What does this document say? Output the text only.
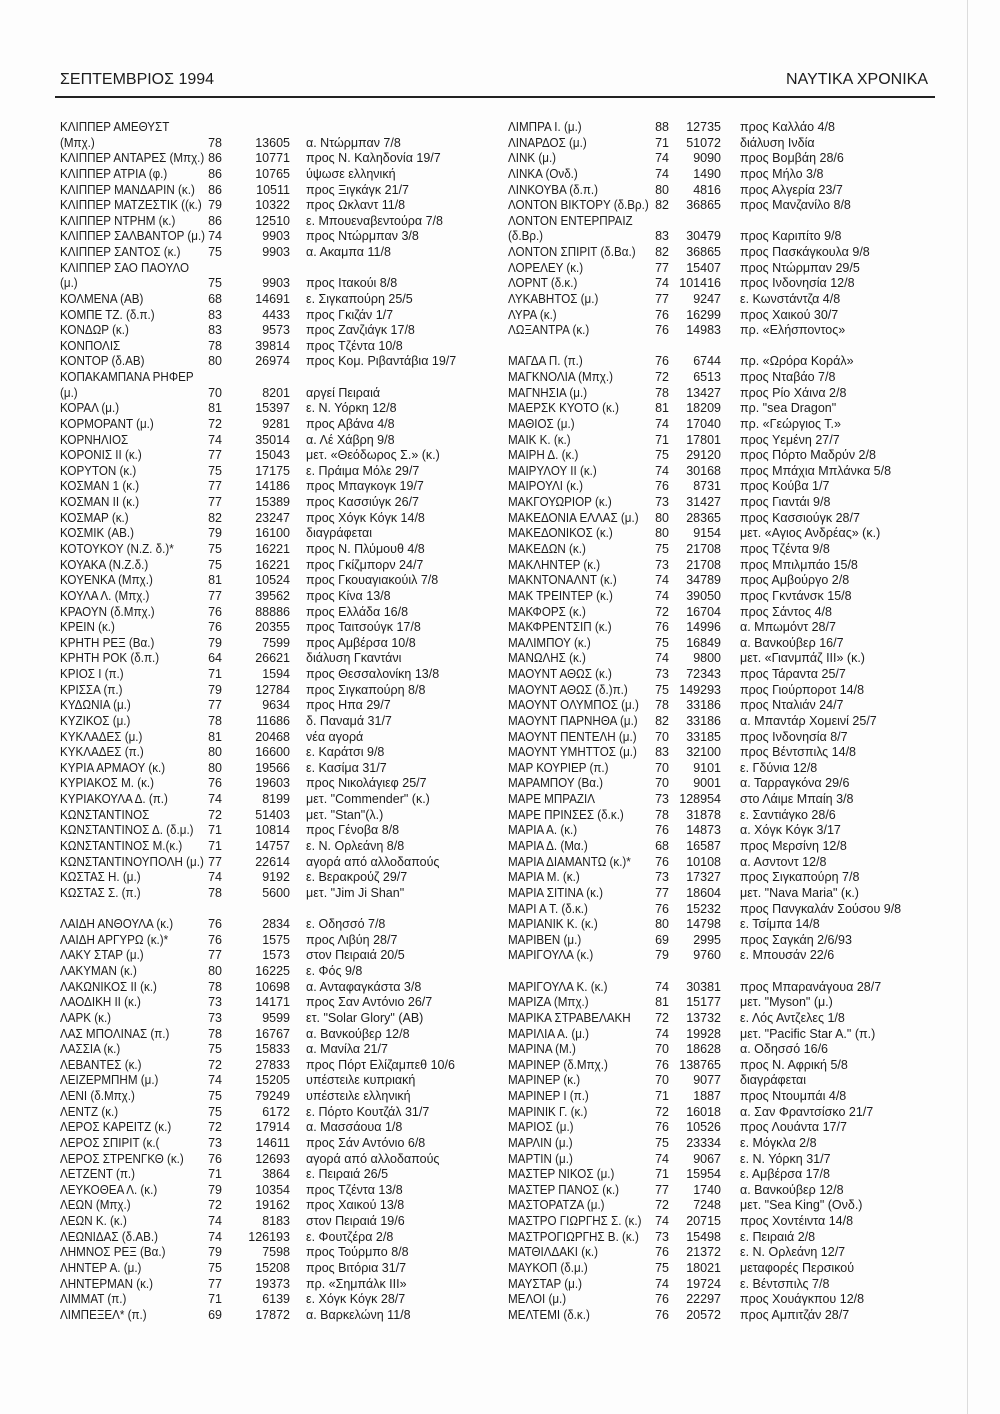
ΣΕΠΤΕΜΒΡΙΟΣ 1994	ΝΑΥΤΙΚΑ ΧΡΟΝΙΚΑ
ΚΛΙΠΠΕΡ ΑΜΕΘΥΣΤ
(Μπχ.)	78	13605 α. Ντώρμπαν 7/8
ΚΛΙΠΠΕΡ ΑΝΤΑΡΕΣ (Μπχ.) 86	10771 προς Ν. Καληδονία 19/7
ΚΛΙΠΠΕΡ ΑΤΡΙΑ (φ.)	86	10765 ύψωσε ελληνική
ΚΛΙΠΠΕΡ ΜΑΝΔΑΡΙΝ (κ.)	86	10511 προς Ξιγκάγκ 21/7
ΚΛΙΠΠΕΡ ΜΑΤΖΕΣΤΙΚ ((κ.) 79	10322 προς Ωκλαντ 11/8
ΚΛΙΠΠΕΡ ΝΤΡΗΜ (κ.)	86	12510 ε. Μπουεναβεντούρα 7/8
ΚΛΙΠΠΕΡ ΣΑΛΒΑΝΤΟΡ (μ.) 74	9903 προς Ντώρμπαν 3/8
ΚΛΙΠΠΕΡ ΣΑΝΤΟΣ (κ.)	75	9903 α. Ακαμπα 11/8
ΚΛΙΠΠΕΡ ΣΑΟ ΠΑΟΥΛΟ
(μ.)	75	9903 προς Ιτακούι 8/8
ΚΟΛΜΕΝΑ (ΑΒ)	68	14691 ε. Σιγκαπούρη 25/5
ΚΟΜΠΕ ΤΖ. (δ.π.)	83	4433 προς Γκιζάν 1/7
ΚΟΝΔΩΡ (κ.)	83	9573 προς Ζανζιάγκ 17/8
ΚΟΝΠΟΛΙΣ	78	39814 προς Τζέντα 10/8
ΚΟΝΤΟΡ (δ.ΑΒ)	80	26974 προς Κομ. Ριβαντάβια 19/7
ΚΟΠΑΚΑΜΠΑΝΑ ΡΗΦΕΡ
(μ.)	70	8201 αργεί Πειραιά
ΚΟΡΑΛ (μ.)	81	15397 ε. Ν. Υόρκη 12/8
ΚΟΡΜΟΡΑΝΤ (μ.)	72	9281 προς Αβάνα 4/8
ΚΟΡΝΗΛΙΟΣ	74	35014 α. Λέ Χάβρη 9/8
ΚΟΡΟΝΙΣ ΙΙ (κ.)	77	15043 μετ. «Θεόδωρος Σ.» (κ.)
ΚΟΡΥΤΟΝ (κ.)	75	17175 ε. Πράιμα Μόλε 29/7
ΚΟΣΜΑΝ 1 (κ.)	77	14186 προς Μπαγκογκ 19/7
ΚΟΣΜΑΝ ΙΙ (κ.)	77	15389 προς Κασσιύγκ 26/7
ΚΟΣΜΑΡ (κ.)	82	23247 προς Χόγκ Κόγκ 14/8
ΚΟΣΜΙΚ (ΑΒ.)	79	16100 διαγράφεται
ΚΟΤΟΥΚΟΥ (Ν.Ζ. δ.)*	75	16221 προς Ν. Πλύμουθ 4/8
ΚΟΥΑΚΑ (Ν.Ζ.δ.)	75	16221 προς Γκίζμπορν 24/7
ΚΟΥΕΝΚΑ (Μπχ.)	81	10524 προς Γκουαγιακούιλ 7/8
ΚΟΥΛΑ Λ. (Μπχ.)	77	39562 προς Κίνα 13/8
ΚΡΑΟΥΝ (δ.Μπχ.)	76	88886 προς Ελλάδα 16/8
ΚΡΕΙΝ (κ.)	76	20355 προς Ταιτσούγκ 17/8
ΚΡΗΤΗ ΡΕΞ (Βα.)	79	7599 προς Αμβέρσα 10/8
ΚΡΗΤΗ ΡΟΚ (δ.π.)	64	26621 διάλυση Γκαντάνι
ΚΡΙΟΣ Ι (π.)	71	1594 προς Θεσσαλονίκη 13/8
ΚΡΙΣΣΑ (π.)	79	12784 προς Σιγκαπούρη 8/8
ΚΥΔΩΝΙΑ (μ.)	77	9634 προς Ηπα 29/7
ΚΥΖΙΚΟΣ (μ.)	78	11686 δ. Παναμά 31/7
ΚΥΚΛΑΔΕΣ (μ.)	81	20468 νέα αγορά
ΚΥΚΛΑΔΕΣ (π.)	80	16600 ε. Καράτσι 9/8
ΚΥΡΙΑ ΑΡΜΑΟΥ (κ.)	80	19566 ε. Κασίμα 31/7
ΚΥΡΙΑΚΟΣ Μ. (κ.)	76	19603 προς Νικολάγιεφ 25/7
ΚΥΡΙΑΚΟΥΛΑ Δ. (π.)	74	8199 μετ. "Commender" (κ.)
ΚΩΝΣΤΑΝΤΙΝΟΣ	72	51403 μετ. "Stan"(λ.)
ΚΩΝΣΤΑΝΤΙΝΟΣ Δ. (δ.μ.)	71	10814 προς Γένοβα 8/8
ΚΩΝΣΤΑΝΤΙΝΟΣ Μ.(κ.)	71	14757 ε. Ν. Ορλεάνη 8/8
ΚΩΝΣΤΑΝΤΙΝΟΥΠΟΛΗ (μ.) 77	22614 αγορά από αλλοδαπούς
ΚΩΣΤΑΣ Η. (μ.)	74	9192 ε. Βερακρούζ 29/7
ΚΩΣΤΑΣ Σ. (π.)	78	5600 μετ. "Jim Ji Shan"
ΛΑΙΔΗ ΑΝΘΟΥΛΑ (κ.)	76	2834 ε. Οδησσό 7/8
ΛΑΙΔΗ ΑΡΓΥΡΩ (κ.)*	76	1575 προς Λιβύη 28/7
ΛΑΚΥ ΣΤΑΡ (μ.)	77	1573 στον Πειραιά 20/5
ΛΑΚΥΜΑΝ (κ.)	80	16225 ε. Φός 9/8
ΛΑΚΩΝΙΚΟΣ ΙΙ (κ.)	78	10698 α. Ανταφαγκάστα 3/8
ΛΑΟΔΙΚΗ ΙΙ (κ.)	73	14171 προς Σαν Αντόνιο 26/7
ΛΑΡΚ (κ.)	73	9599 ετ. "Solar Glory" (ΑΒ)
ΛΑΣ ΜΠΟΛΙΝΑΣ (π.)	78	16767 α. Βανκούβερ 12/8
ΛΑΣΣΙΑ (κ.)	75	15833 α. Μανίλα 21/7
ΛΕΒΑΝΤΕΣ (κ.)	72	27833 προς Πόρτ Ελίζαμπεθ 10/6
ΛΕΙΖΕΡΜΠΗΜ (μ.)	74	15205 υπέστειλε κυπριακή
ΛΕΝΙ (δ.Μπχ.)	75	79249 υπέστειλε ελληνική
ΛΕΝΤΖ (κ.)	75	6172 ε. Πόρτο Κουτζάλ 31/7
ΛΕΡΟΣ ΚΑΡΕΙΤΖ (κ.)	72	17914 α. Μασσάουα 1/8
ΛΕΡΟΣ ΣΠΙΡΙΤ (κ.(	73	14611 προς Σάν Αντόνιο 6/8
ΛΕΡΟΣ ΣΤΡΕΝΓΚΘ (κ.)	76	12693 αγορά από αλλοδαπούς
ΛΕΤΖΕΝΤ (π.)	71	3864 ε. Πειραιά 26/5
ΛΕΥΚΟΘΕΑ Λ. (κ.)	79	10354 προς Τζέντα 13/8
ΛΕΩΝ (Μπχ.)	72	19162 προς Χαικού 13/8
ΛΕΩΝ Κ. (κ.)	74	8183 στον Πειραιά 19/6
ΛΕΩΝΙΔΑΣ (δ.ΑΒ.)	74	126193 ε. Φουτζέρα 2/8
ΛΗΜΝΟΣ ΡΕΞ (Βα.)	79	7598 προς Τούρμπο 8/8
ΛΗΝΤΕΡ Α. (μ.)	75	15208 προς Βιτόρια 31/7
ΛΗΝΤΕΡΜΑΝ (κ.)	77	19373 πρ. «Σημπάλκ ΙΙΙ»
ΛΙΜΜΑΤ (π.)	71	6139 ε. Χόγκ Κόγκ 28/7
ΛΙΜΠΕΞΕΛ* (π.)	69	17872 α. Βαρκελώνη 11/8
ΛΙΜΠΡΑ Ι. (μ.)	88	12735 προς Καλλάο 4/8
ΛΙΝΑΡΔΟΣ (μ.)	71	51072 διάλυση Ινδία
ΛΙΝΚ (μ.)	74	9090 προς Βομβάη 28/6
ΛΙΝΚΑ (Ονδ.)	74	1490 προς Μήλο 3/8
ΛΙΝΚΟΥΒΑ (δ.π.)	80	4816 προς Αλγερία 23/7
ΛΟΝΤΟΝ ΒΙΚΤΟΡΥ (δ.Βρ.) 82	36865 προς Μανζανίλο 8/8
ΛΟΝΤΟΝ ΕΝΤΕΡΠΡΑΙΖ
(δ.Βρ.)	83	30479 προς Καριπίτο 9/8
ΛΟΝΤΟΝ ΣΠΙΡΙΤ (δ.Βα.)	82	36865 προς Πασκάγκουλα 9/8
ΛΟΡΕΛΕΥ (κ.)	77	15407 προς Ντώρμπαν 29/5
ΛΟΡΝΤ (δ.κ.)	74 101416 προς Ινδονησία 12/8
ΛΥΚΑΒΗΤΟΣ (μ.)	77	9247 ε. Κωνστάντζα 4/8
ΛΥΡΑ (κ.)	76	16299 προς Χαικού 30/7
ΛΩΞΑΝΤΡΑ (κ.)	76	14983 πρ. «Ελήσποντος»
ΜΑΓΔΑ Π. (π.)	76	6744 πρ. «Ωρόρα Κοράλ»
ΜΑΓΚΝΟΛΙΑ (Μπχ.)	72	6513 προς Νταβάο 7/8
ΜΑΓΝΗΣΙΑ (μ.)	78	13427 προς Ρίο Χάινα 2/8
ΜΑΕΡΣΚ ΚΥΟΤΟ (κ.)	81	18209 πρ. "sea Dragon"
ΜΑΘΙΟΣ (μ.)	74	17040 πρ. «Γεώργιος Τ.»
ΜΑΙΚ Κ. (κ.)	71	17801 προς Υεμένη 27/7
ΜΑΙΡΗ Δ. (κ.)	75	29120 προς Πόρτο Μαδρύν 2/8
ΜΑΙΡΥΛΟΥ ΙΙ (κ.)	74	30168 προς Μπάχια Μπλάνκα 5/8
ΜΑΙΡΟΥΛΙ (κ.)	76	8731 προς Κούβα 1/7
ΜΑΚΓΟΥΩΡΙΟΡ (κ.)	73	31427 προς Γιαντάι 9/8
ΜΑΚΕΔΟΝΙΑ ΕΛΛΑΣ (μ.)	80	28365 προς Κασσιούγκ 28/7
ΜΑΚΕΔΟΝΙΚΟΣ (κ.)	80	9154 μετ. «Αγιος Ανδρέας» (κ.)
ΜΑΚΕΔΩΝ (κ.)	75	21708 προς Τζέντα 9/8
ΜΑΚΛΗΝΤΕΡ (κ.)	73	21708 προς Μπιλμπάο 15/8
ΜΑΚΝΤΟΝΑΛΝΤ (κ.)	74	34789 προς Αμβούργο 2/8
ΜΑΚ ΤΡΕΙΝΤΕΡ (κ.)	74	39050 προς Γκντάνσκ 15/8
ΜΑΚΦΟΡΣ (κ.)	72	16704 προς Σάντος 4/8
ΜΑΚΦΡΕΝΤΣΙΠ (κ.)	76	14996 α. Μπωμόντ 28/7
ΜΑΛΙΜΠΟΥ (κ.)	75	16849 α. Βανκούβερ 16/7
ΜΑΝΩΛΗΣ (κ.)	74	9800 μετ. «Γιανμπάζ ΙΙΙ» (κ.)
ΜΑΟΥΝΤ ΑΘΩΣ (κ.)	73	72343 προς Τάραντα 25/7
ΜΑΟΥΝΤ ΑΘΩΣ (δ.)π.)	75 149293 προς Γιούρποροτ 14/8
ΜΑΟΥΝΤ ΟΛΥΜΠΟΣ (μ.)	78	33186 προς Νταλιάν 24/7
ΜΑΟΥΝΤ ΠΑΡΝΗΘΑ (μ.)	82	33186 α. Μπαντάρ Χομεινί 25/7
ΜΑΟΥΝΤ ΠΕΝΤΕΛΗ (μ.)	70	33185 προς Ινδονησία 8/7
ΜΑΟΥΝΤ ΥΜΗΤΤΟΣ (μ.)	83	32100 προς Βέντσπιλς 14/8
ΜΑΡ ΚΟΥΡΙΕΡ (π.)	70	9101 ε. Γδύνια 12/8
ΜΑΡΑΜΠΟΥ (Βα.)	70	9001 α. Ταρραγκόνα 29/6
ΜΑΡΕ ΜΠΡΑΖΙΛ	73 128954 στο Λάιμε Μπαίη 3/8
ΜΑΡΕ ΠΡΙΝΣΕΣ (δ.κ.)	78	31878 ε. Σαντιάγκο 28/6
ΜΑΡΙΑ Α. (κ.)	76	14873 α. Χόγκ Κόγκ 3/17
ΜΑΡΙΑ Δ. (Μα.)	68	16587 προς Μερσίνη 12/8
ΜΑΡΙΑ ΔΙΑΜΑΝΤΩ (κ.)*	76	10108 α. Ασντοντ 12/8
ΜΑΡΙΑ Μ. (κ.)	73	17327 προς Σιγκαπούρη 7/8
ΜΑΡΙΑ ΣΙΤΙΝΑ (κ.)	77	18604 μετ. "Nava Maria" (κ.)
ΜΑΡΙ Α Τ. (δ.κ.)	76	15232 προς Πανγκαλάν Σούσου 9/8
ΜΑΡΙΑΝΙΚ Κ. (κ.)	80	14798 ε. Τσίμπα 14/8
ΜΑΡΙΒΕΝ (μ.)	69	2995 προς Σαγκάη 2/6/93
ΜΑΡΙΓΟΥΛΑ (κ.)	79	9760 ε. Μπουσάν 22/6
ΜΑΡΙΓΟΥΛΑ Κ. (κ.)	74	30381 προς Μπαρανάγουα 28/7
ΜΑΡΙΖΑ (Μπχ.)	81	15177 μετ. "Myson" (μ.)
ΜΑΡΙΚΑ ΣΤΡΑΒΕΛΑΚΗ	72	13732 ε. Λός Αντζελες 1/8
ΜΑΡΙΛΙΑ Α. (μ.)	74	19928 μετ. "Pacific Star A." (π.)
ΜΑΡΙΝΑ (Μ.)	70	18628 α. Οδησσό 16/6
ΜΑΡΙΝΕΡ (δ.Μπχ.)	76 138765 προς Ν. Αφρική 5/8
ΜΑΡΙΝΕΡ (κ.)	70	9077 διαγράφεται
ΜΑΡΙΝΕΡ Ι (π.)	71	1887 προς Ντουμπάι 4/8
ΜΑΡΙΝΙΚ Γ. (κ.)	72	16018 α. Σαν Φραντσίσκο 21/7
ΜΑΡΙΟΣ (μ.)	76	10526 προς Λουάντα 17/7
ΜΑΡΛΙΝ (μ.)	75	23334 ε. Μόγκλα 2/8
ΜΑΡΤΙΝ (μ.)	74	9067 ε. Ν. Υόρκη 31/7
ΜΑΣΤΕΡ ΝΙΚΟΣ (μ.)	71	15954 ε. Αμβέρσα 17/8
ΜΑΣΤΕΡ ΠΑΝΟΣ (κ.)	77	1740 α. Βανκούβερ 12/8
ΜΑΣΤΟΡΑΤΖΑ (μ.)	72	7248 μετ. "Sea King" (Ονδ.)
ΜΑΣΤΡΟ ΓΙΩΡΓΗΣ Σ. (κ.)	74	20715 προς Χοντέιντα 14/8
ΜΑΣΤΡΟΓΙΩΡΓΗΣ Β. (κ.)	73	15498 ε. Πειραιά 2/8
ΜΑΤΘΙΛΔΑΚΙ (κ.)	76	21372 ε. Ν. Ορλεάνη 12/7
ΜΑΥΚΟΠ (δ.μ.)	75	18021 μεταφορές Περσικού
ΜΑΥΣΤΑΡ (μ.)	74	19724 ε. Βέντσπιλς 7/8
ΜΕΛΟΙ (μ.)	76	22297 προς Χουάγκπου 12/8
ΜΕΛΤΕΜΙ (δ.κ.)	76	20572 προς Αμπιτζάν 28/7
